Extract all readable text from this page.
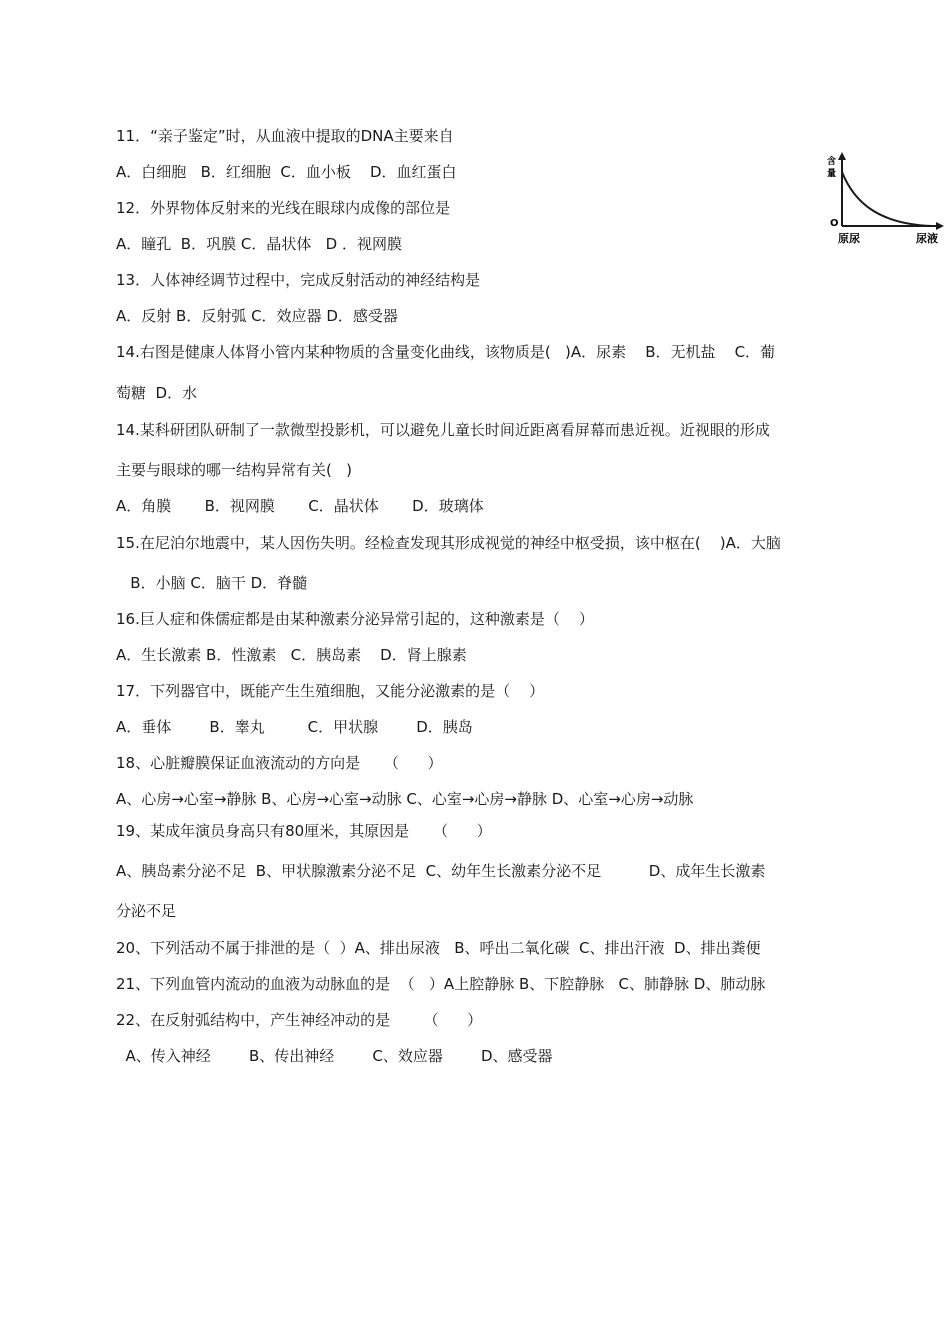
11．“亲子鉴定”时，从血液中提取的DNA主要来自
A．白细胞   B．红细胞  C．血小板    D．血红蛋白
12．外界物体反射来的光线在眼球内成像的部位是
A．瞳孔  B．巩膜 C．晶状体   D ．视网膜
13．人体神经调节过程中，完成反射活动的神经结构是
A．反射 B．反射弧 C．效应器 D．感受器
14.右图是健康人体肾小管内某种物质的含量变化曲线，该物质是(   )A．尿素    B．无机盐    C．葡
萄糖  D．水
14.某科研团队研制了一款微型投影机，可以避免儿童长时间近距离看屏幕而患近视。近视眼的形成
主要与眼球的哪一结构异常有关(   )
A．角膜       B．视网膜       C．晶状体       D．玻璃体
15.在尼泊尔地震中，某人因伤失明。经检查发现其形成视觉的神经中枢受损，该中枢在(    )A．大脑
B．小脑 C．脑干 D．脊髓
16.巨人症和侏儒症都是由某种激素分泌异常引起的，这种激素是（    ）
A．生长激素 B．性激素   C．胰岛素    D．肾上腺素
17．下列器官中，既能产生生殖细胞，又能分泌激素的是（    ）
A．垂体        B．睾丸         C．甲状腺        D．胰岛
18、心脏瓣膜保证血液流动的方向是     （      ）
A、心房→心室→静脉 B、心房→心室→动脉 C、心室→心房→静脉 D、心室→心房→动脉
19、某成年演员身高只有80厘米，其原因是     （      ）
A、胰岛素分泌不足  B、甲状腺激素分泌不足  C、幼年生长激素分泌不足          D、成年生长激素
分泌不足
20、下列活动不属于排泄的是（  ）A、排出尿液   B、呼出二氧化碳  C、排出汗液  D、排出粪便
21、下列血管内流动的血液为动脉血的是  （   ）A上腔静脉 B、下腔静脉   C、肺静脉 D、肺动脉
22、在反射弧结构中，产生神经冲动的是       （      ）
A、传入神经        B、传出神经        C、效应器        D、感受器
含
量
O
原尿	尿液
